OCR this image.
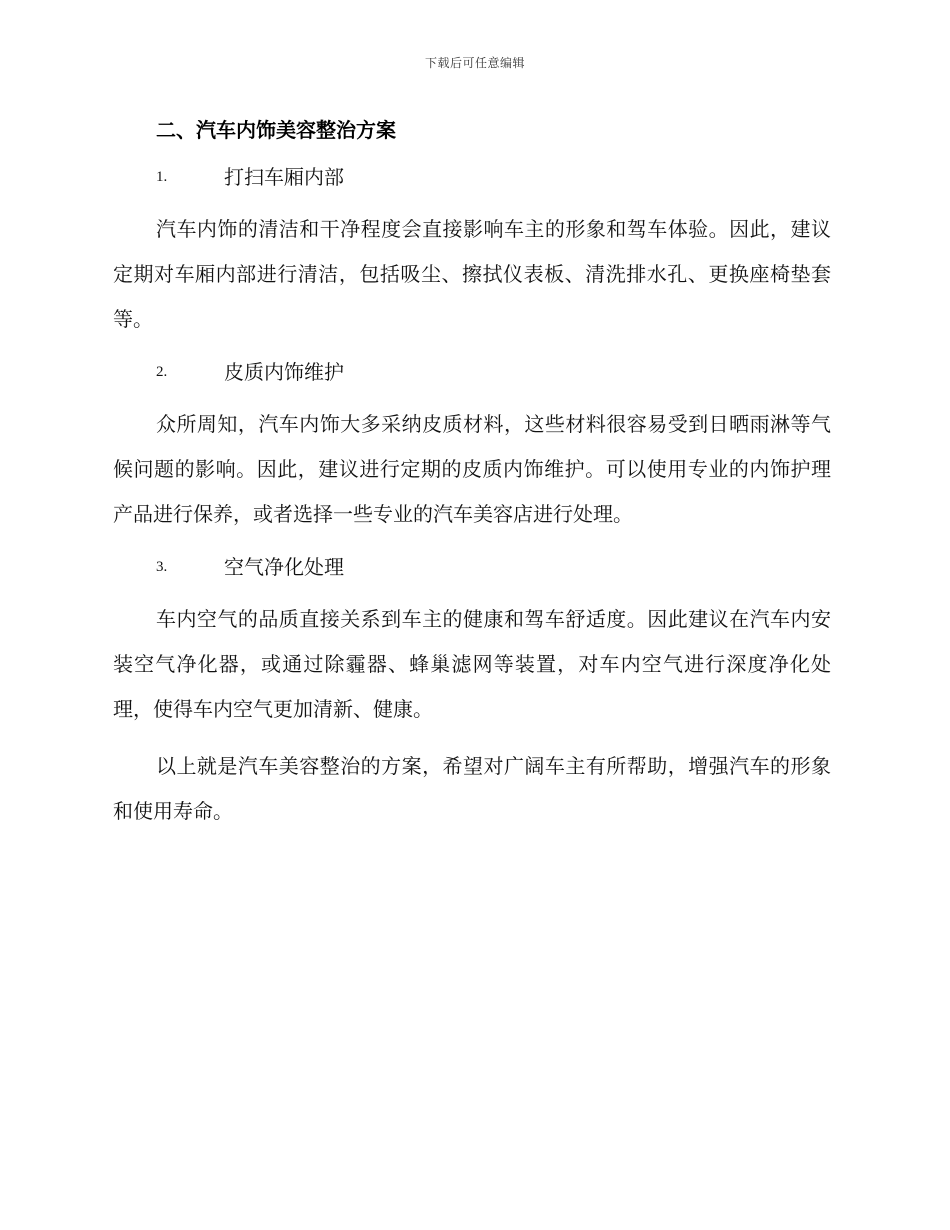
下载后可任意编辑
二、汽车内饰美容整治方案
1.	打扫车厢内部

汽车内饰的清洁和干净程度会直接影响车主的形象和驾车体验。因此，建议定期对车厢内部进行清洁，包括吸尘、擦拭仪表板、清洗排水孔、更换座椅垫套等。

2.	皮质内饰维护

众所周知，汽车内饰大多采纳皮质材料，这些材料很容易受到日晒雨淋等气候问题的影响。因此，建议进行定期的皮质内饰维护。可以使用专业的内饰护理产品进行保养，或者选择一些专业的汽车美容店进行处理。

3.	空气净化处理

车内空气的品质直接关系到车主的健康和驾车舒适度。因此建议在汽车内安装空气净化器，或通过除霾器、蜂巢滤网等装置，对车内空气进行深度净化处理，使得车内空气更加清新、健康。

以上就是汽车美容整治的方案，希望对广阔车主有所帮助，增强汽车的形象和使用寿命。
